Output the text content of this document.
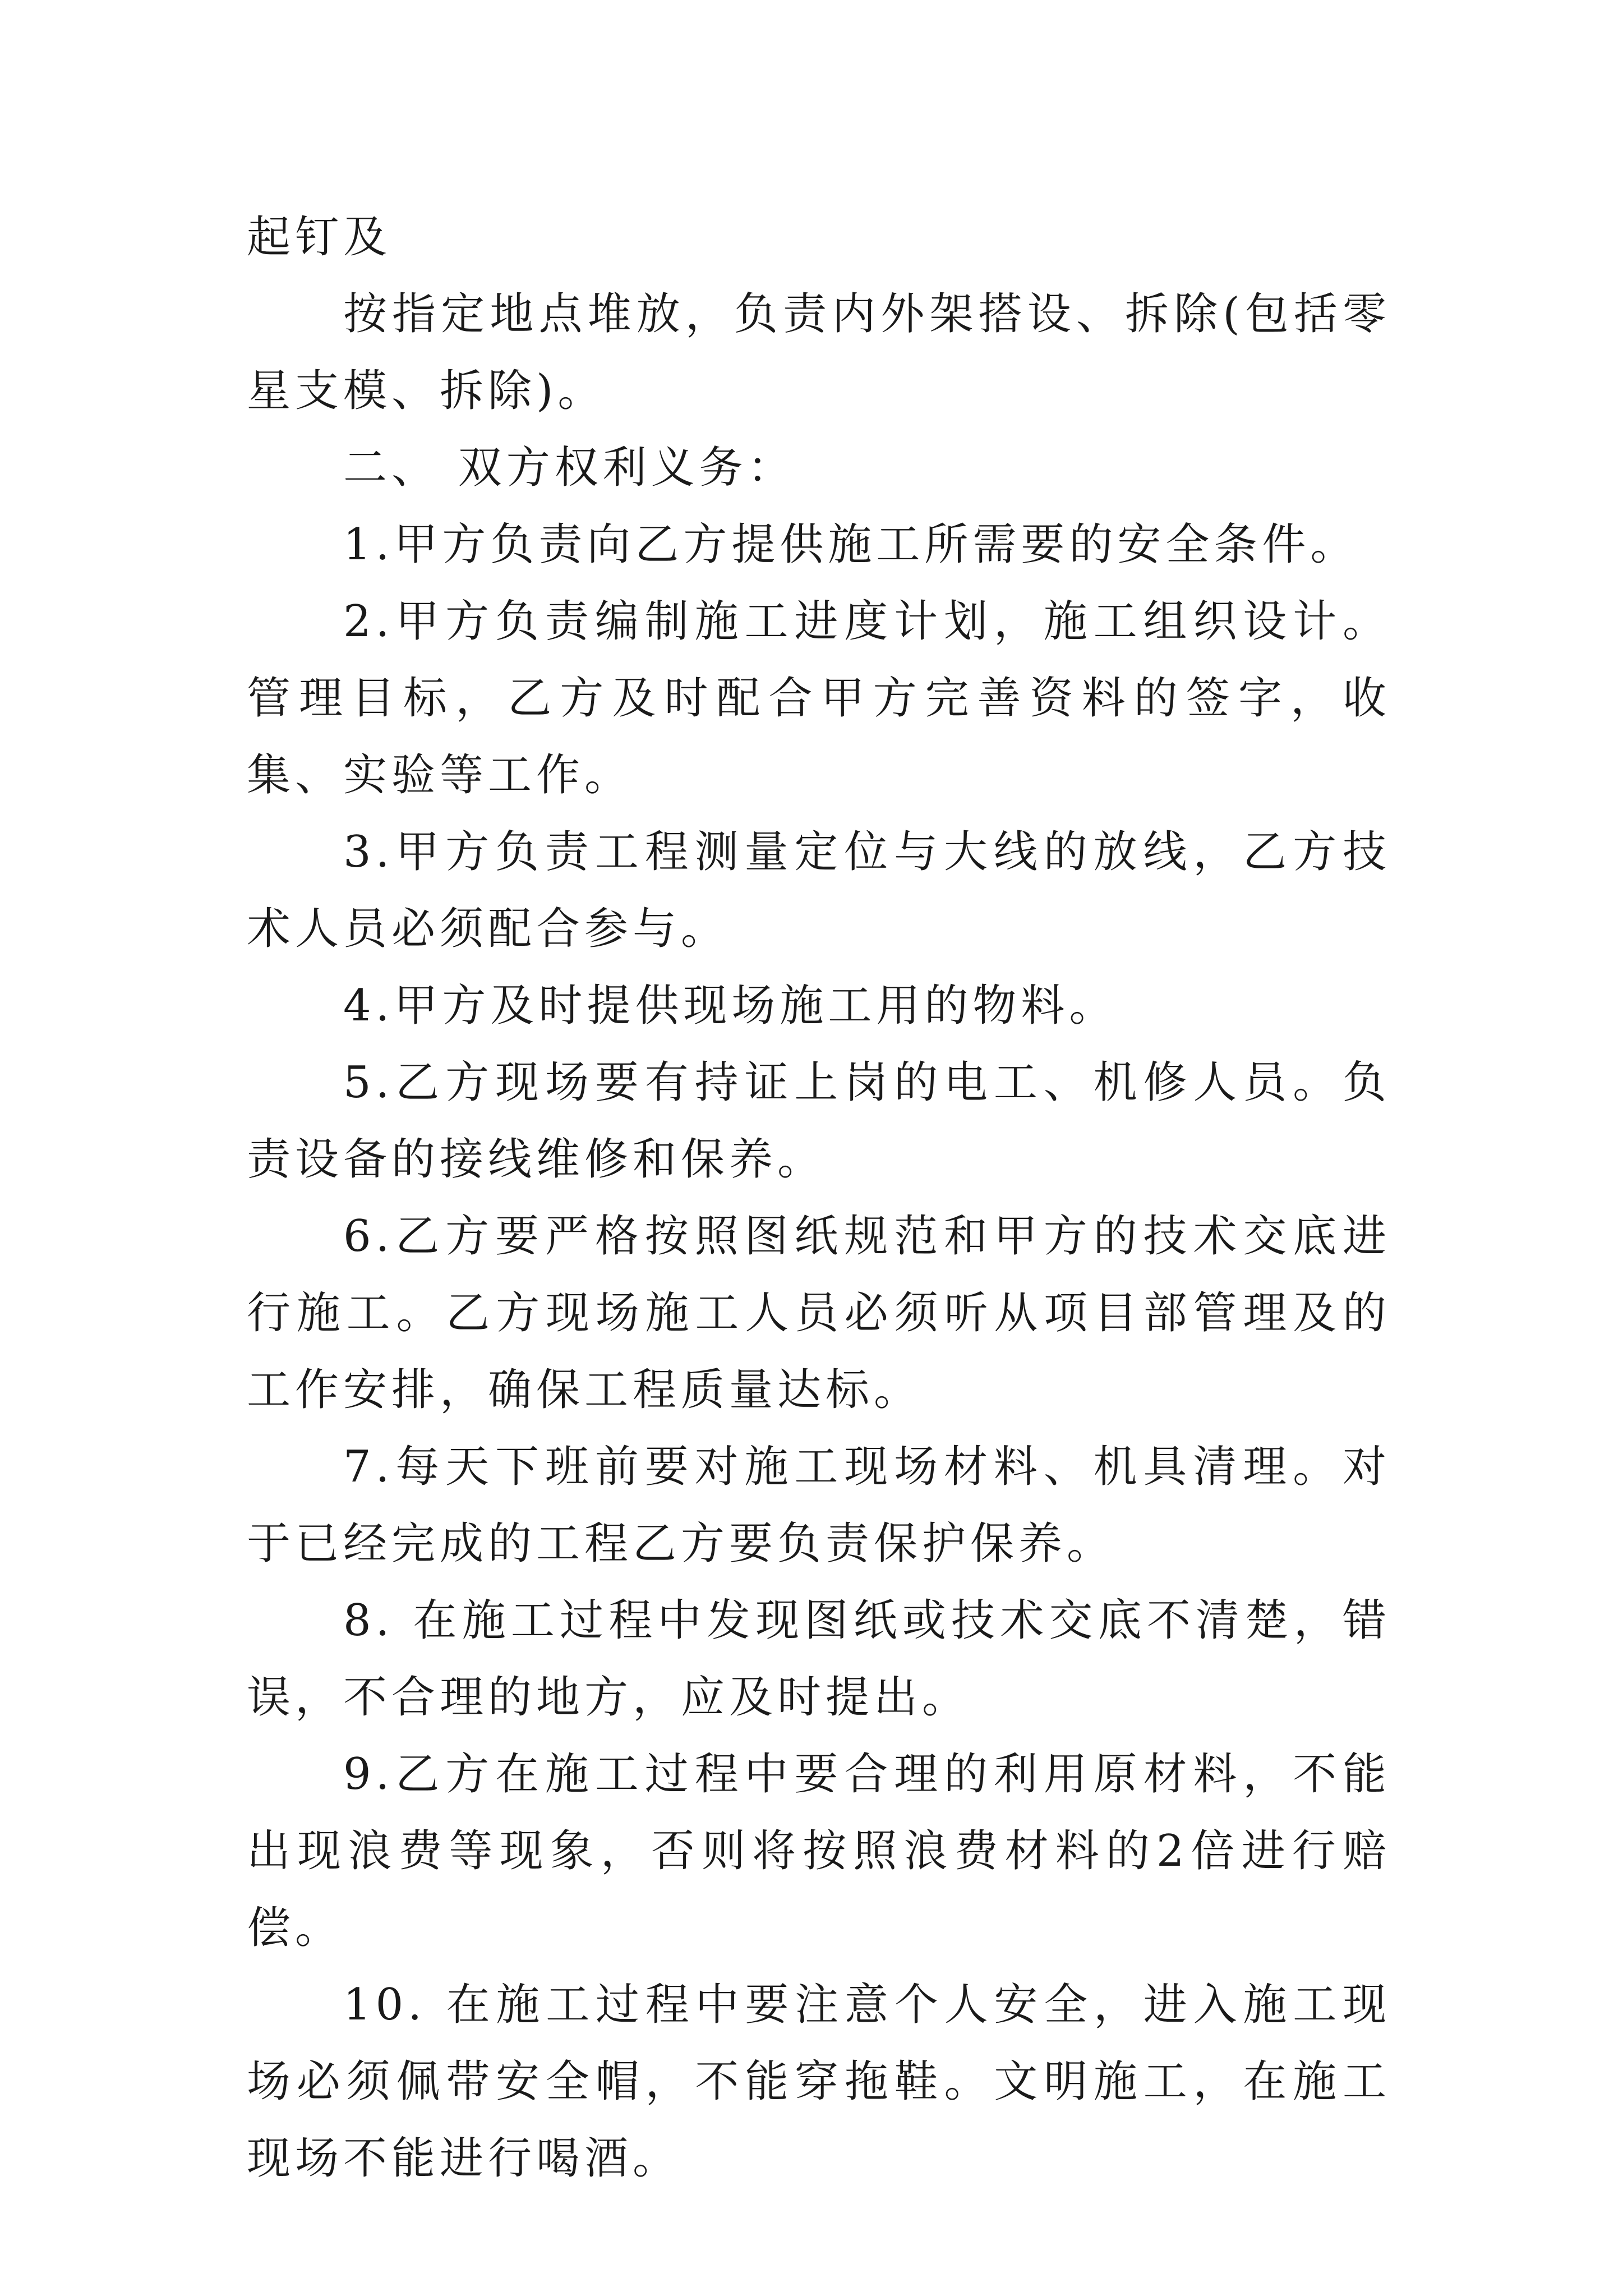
起钉及

按指定地点堆放，负责内外架搭设、拆除(包括零星支模、拆除)。

二、 双方权利义务：

1.甲方负责向乙方提供施工所需要的安全条件。

2.甲方负责编制施工进度计划，施工组织设计。管理目标，乙方及时配合甲方完善资料的签字，收集、实验等工作。

3.甲方负责工程测量定位与大线的放线，乙方技术人员必须配合参与。

4.甲方及时提供现场施工用的物料。

5.乙方现场要有持证上岗的电工、机修人员。负责设备的接线维修和保养。

6.乙方要严格按照图纸规范和甲方的技术交底进行施工。乙方现场施工人员必须听从项目部管理及的工作安排，确保工程质量达标。

7.每天下班前要对施工现场材料、机具清理。对于已经完成的工程乙方要负责保护保养。

8. 在施工过程中发现图纸或技术交底不清楚，错误，不合理的地方，应及时提出。

9.乙方在施工过程中要合理的利用原材料，不能出现浪费等现象，否则将按照浪费材料的2倍进行赔偿。

10. 在施工过程中要注意个人安全，进入施工现场必须佩带安全帽，不能穿拖鞋。文明施工，在施工现场不能进行喝酒。
